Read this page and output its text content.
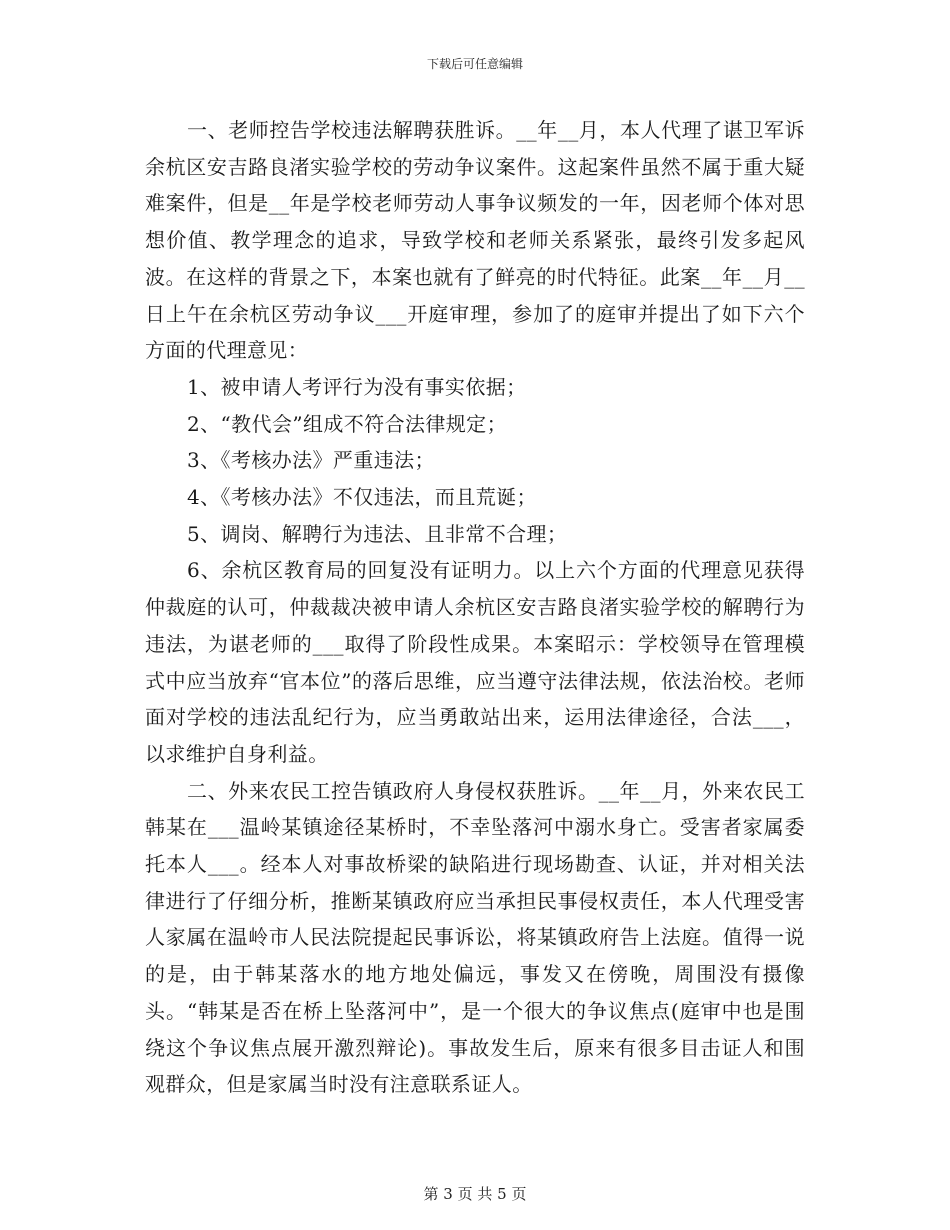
下载后可任意编辑

一、老师控告学校违法解聘获胜诉。__年__月，本人代理了谌卫军诉余杭区安吉路良渚实验学校的劳动争议案件。这起案件虽然不属于重大疑难案件，但是__年是学校老师劳动人事争议频发的一年，因老师个体对思想价值、教学理念的追求，导致学校和老师关系紧张，最终引发多起风波。在这样的背景之下，本案也就有了鲜亮的时代特征。此案__年__月__日上午在余杭区劳动争议___开庭审理，参加了的庭审并提出了如下六个方面的代理意见：

1、被申请人考评行为没有事实依据；

2、“教代会”组成不符合法律规定；

3、《考核办法》严重违法；

4、《考核办法》不仅违法，而且荒诞；

5、调岗、解聘行为违法、且非常不合理；

6、余杭区教育局的回复没有证明力。以上六个方面的代理意见获得仲裁庭的认可，仲裁裁决被申请人余杭区安吉路良渚实验学校的解聘行为违法，为谌老师的___取得了阶段性成果。本案昭示：学校领导在管理模式中应当放弃“官本位”的落后思维，应当遵守法律法规，依法治校。老师面对学校的违法乱纪行为，应当勇敢站出来，运用法律途径，合法___，以求维护自身利益。

二、外来农民工控告镇政府人身侵权获胜诉。__年__月，外来农民工韩某在___温岭某镇途径某桥时，不幸坠落河中溺水身亡。受害者家属委托本人___。经本人对事故桥梁的缺陷进行现场勘查、认证，并对相关法律进行了仔细分析，推断某镇政府应当承担民事侵权责任，本人代理受害人家属在温岭市人民法院提起民事诉讼，将某镇政府告上法庭。值得一说的是，由于韩某落水的地方地处偏远，事发又在傍晚，周围没有摄像头。“韩某是否在桥上坠落河中”，是一个很大的争议焦点(庭审中也是围绕这个争议焦点展开激烈辩论)。事故发生后，原来有很多目击证人和围观群众，但是家属当时没有注意联系证人。

第 3 页 共 5 页
